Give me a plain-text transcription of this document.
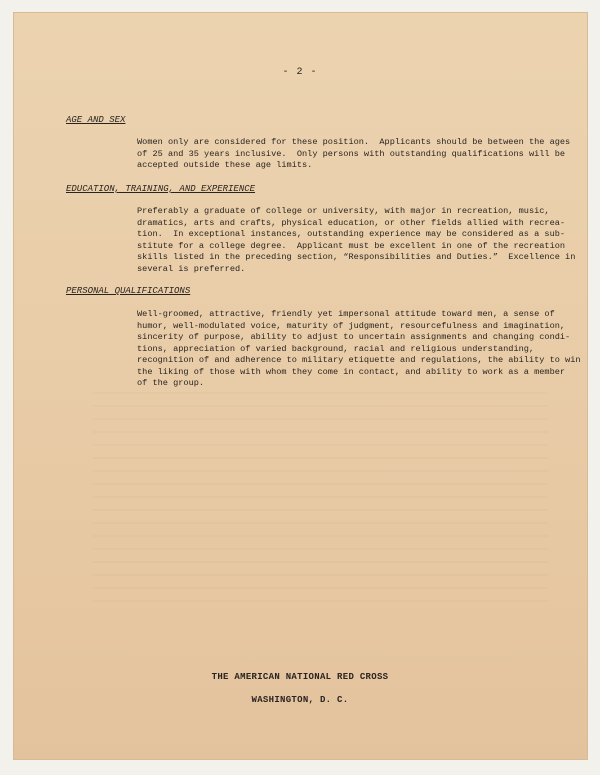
- 2 -
AGE AND SEX
Women only are considered for these position.  Applicants should be between the ages
of 25 and 35 years inclusive.  Only persons with outstanding qualifications will be
accepted outside these age limits.
EDUCATION, TRAINING, AND EXPERIENCE
Preferably a graduate of college or university, with major in recreation, music,
dramatics, arts and crafts, physical education, or other fields allied with recrea-
tion.  In exceptional instances, outstanding experience may be considered as a sub-
stitute for a college degree.  Applicant must be excellent in one of the recreation
skills listed in the preceding section, “Responsibilities and Duties.”  Excellence in
several is preferred.
PERSONAL QUALIFICATIONS
Well-groomed, attractive, friendly yet impersonal attitude toward men, a sense of
humor, well-modulated voice, maturity of judgment, resourcefulness and imagination,
sincerity of purpose, ability to adjust to uncertain assignments and changing condi-
tions, appreciation of varied background, racial and religious understanding,
recognition of and adherence to military etiquette and regulations, the ability to win
the liking of those with whom they come in contact, and ability to work as a member
of the group.
THE AMERICAN NATIONAL RED CROSS
WASHINGTON, D. C.
